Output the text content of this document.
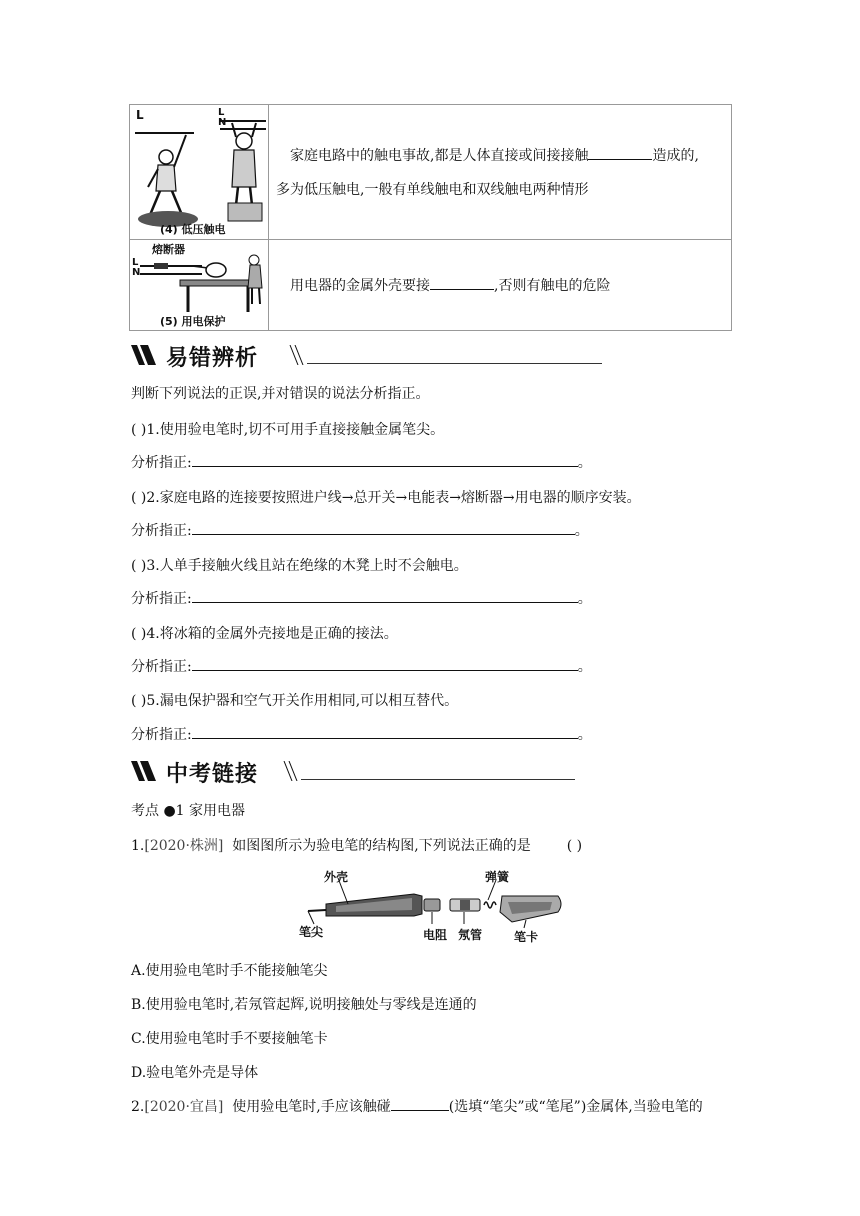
L	L
N
(4) 低压触电
家庭电路中的触电事故,都是人体直接或间接接触	造成的,
多为低压触电,一般有单线触电和双线触电两种情形
熔断器
L
N
(5) 用电保护
用电器的金属外壳要接	,否则有触电的危险
易错辨析
判断下列说法的正误,并对错误的说法分析指正。
( )1.使用验电笔时,切不可用手直接接触金属笔尖。
分析指正:	。
( )2.家庭电路的连接要按照进户线→总开关→电能表→熔断器→用电器的顺序安装。
分析指正:	。
( )3.人单手接触火线且站在绝缘的木凳上时不会触电。
分析指正:	。
( )4.将冰箱的金属外壳接地是正确的接法。
分析指正:	。
( )5.漏电保护器和空气开关作用相同,可以相互替代。
分析指正:	。
中考链接
考点 ●1 家用电器
1.[2020·株洲] 如图图所示为验电笔的结构图,下列说法正确的是	( )
外壳	弹簧
笔尖	电阻 氖管	笔卡
A.使用验电笔时手不能接触笔尖
B.使用验电笔时,若氖管起辉,说明接触处与零线是连通的
C.使用验电笔时手不要接触笔卡
D.验电笔外壳是导体
2.[2020·宜昌] 使用验电笔时,手应该触碰	(选填“笔尖”或“笔尾”)金属体,当验电笔的
